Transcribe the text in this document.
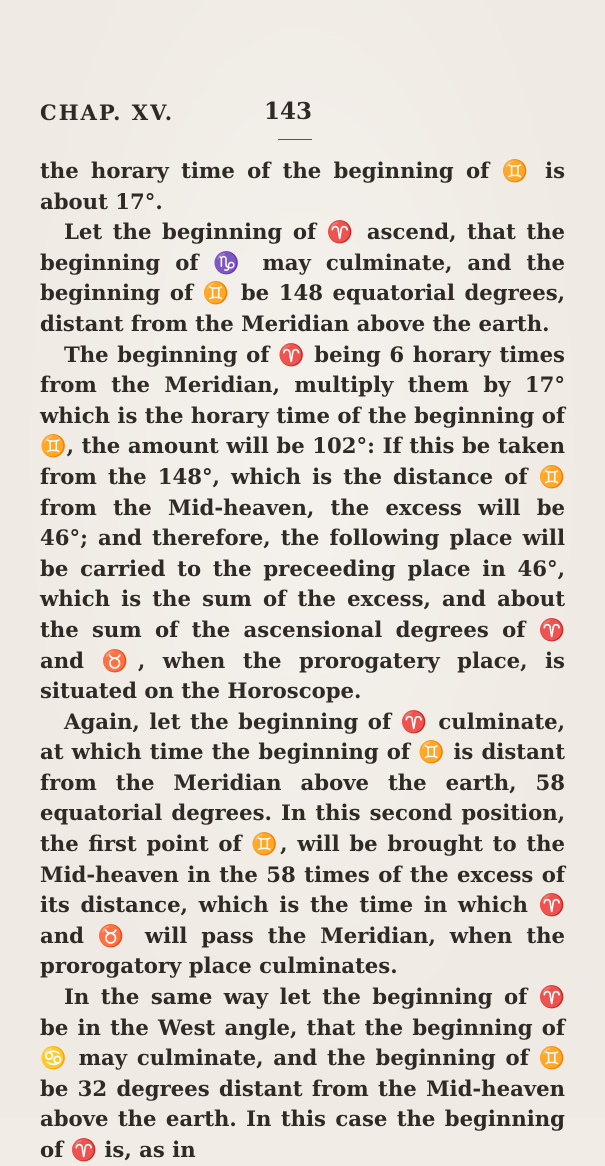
CHAP. XV.	143

the horary time of the beginning of ♊ is about 17°.

Let the beginning of ♈ ascend, that the beginning of ♑ may culminate, and the beginning of ♊ be 148 equatorial degrees, distant from the Meridian above the earth.

The beginning of ♈ being 6 horary times from the Meridian, multiply them by 17° which is the horary time of the beginning of ♊, the amount will be 102°: If this be taken from the 148°, which is the distance of ♊ from the Mid-heaven, the excess will be 46°; and therefore, the following place will be carried to the preceeding place in 46°, which is the sum of the excess, and about the sum of the ascensional degrees of ♈ and ♉, when the prorogatery place, is situated on the Horoscope.

Again, let the beginning of ♈ culminate, at which time the beginning of ♊ is distant from the Meridian above the earth, 58 equatorial degrees. In this second position, the first point of ♊, will be brought to the Mid-heaven in the 58 times of the excess of its distance, which is the time in which ♈ and ♉ will pass the Meridian, when the prorogatory place culminates.

In the same way let the beginning of ♈ be in the West angle, that the beginning of ♋ may culminate, and the beginning of ♊ be 32 degrees distant from the Mid-heaven above the earth. In this case the beginning of ♈ is, as in
